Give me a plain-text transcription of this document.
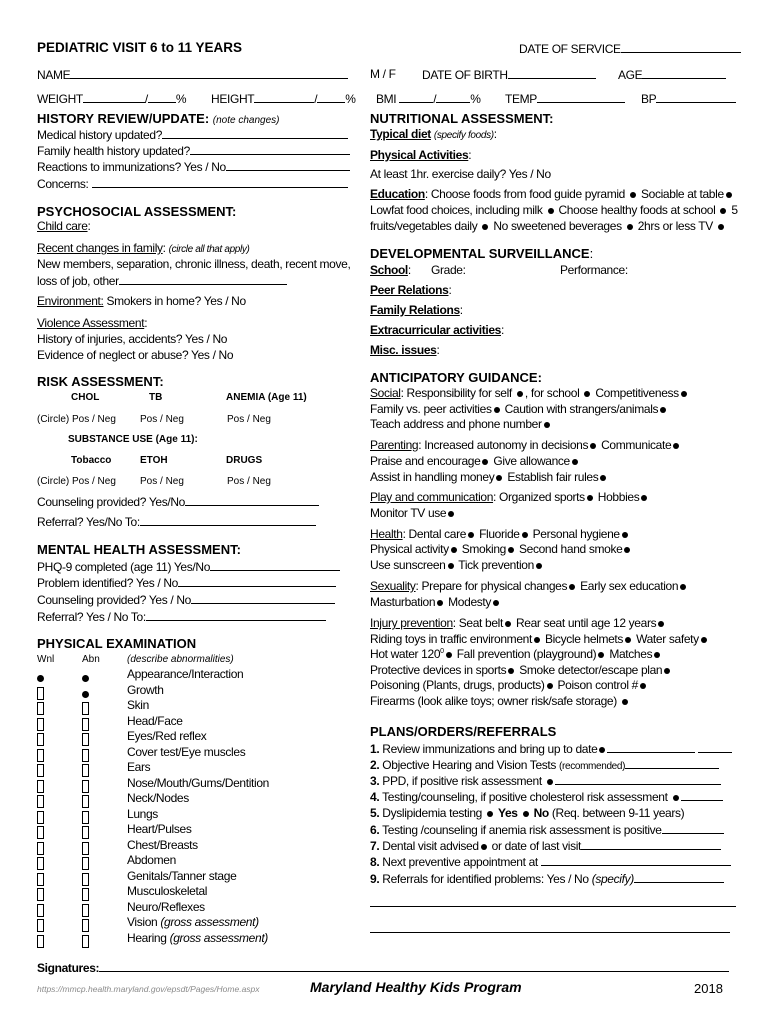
PEDIATRIC VISIT 6 to 11 YEARS	DATE OF SERVICE
NAME	M / F DATE OF BIRTH	AGE
WEIGHT	/ % HEIGHT	/ % BMI	/	% TEMP	BP
HISTORY REVIEW/UPDATE: (note changes)
Medical history updated?
Family health history updated?
Reactions to immunizations? Yes / No
Concerns:
PSYCHOSOCIAL ASSESSMENT:
Child care:
Recent changes in family: (circle all that apply)
New members, separation, chronic illness, death, recent move,
loss of job, other
Environment: Smokers in home? Yes / No
Violence Assessment:
History of injuries, accidents? Yes / No
Evidence of neglect or abuse? Yes / No
RISK ASSESSMENT:
CHOL	TB	ANEMIA (Age 11)
(Circle) Pos / Neg Pos / Neg	Pos / Neg
SUBSTANCE USE (Age 11):
Tobacco	ETOH	DRUGS
(Circle) Pos / Neg Pos / Neg	Pos / Neg
Counseling provided? Yes/No
Referral? Yes/No To:
MENTAL HEALTH ASSESSMENT:
PHQ-9 completed (age 11) Yes/No
Problem identified? Yes / No
Counseling provided? Yes / No
Referral? Yes / No To:
PHYSICAL EXAMINATION
Wnl	Abn	(describe abnormalities)
Appearance/Interaction
Growth
Skin
Head/Face
Eyes/Red reflex
Cover test/Eye muscles
Ears
Nose/Mouth/Gums/Dentition
Neck/Nodes
Lungs
Heart/Pulses
Chest/Breasts
Abdomen
Genitals/Tanner stage
Musculoskeletal
Neuro/Reflexes
Vision (gross assessment)
Hearing (gross assessment)
NUTRITIONAL ASSESSMENT:
Typical diet (specify foods):
Physical Activities:
At least 1hr. exercise daily? Yes / No
Education: Choose foods from food guide pyramid Sociable at table
Lowfat food choices, including milk Choose healthy foods at school 5
fruits/vegetables daily No sweetened beverages 2hrs or less TV
DEVELOPMENTAL SURVEILLANCE:
School: Grade:	Performance:
Peer Relations:
Family Relations:
Extracurricular activities:
Misc. issues:
ANTICIPATORY GUIDANCE:
Social: Responsibility for self , for school Competitiveness
Family vs. peer activities Caution with strangers/animals
Teach address and phone number
Parenting: Increased autonomy in decisions Communicate
Praise and encourage Give allowance
Assist in handling money Establish fair rules
Play and communication: Organized sports Hobbies
Monitor TV use
Health: Dental care Fluoride Personal hygiene
Physical activity Smoking Second hand smoke
Use sunscreen Tick prevention
Sexuality: Prepare for physical changes Early sex education
Masturbation Modesty
Injury prevention: Seat belt Rear seat until age 12 years
Riding toys in traffic environment Bicycle helmets Water safety
Hot water $120^0$ Fall prevention (playground) Matches
Protective devices in sports Smoke detector/escape plan
Poisoning (Plants, drugs, products) Poison control #
Firearms (look alike toys; owner risk/safe storage)
PLANS/ORDERS/REFERRALS
1. Review immunizations and bring up to date
2. Objective Hearing and Vision Tests (recommended)
3. PPD, if positive risk assessment
4. Testing/counseling, if positive cholesterol risk assessment
5. Dyslipidemia testing  Yes No (Req. between 9-11 years)
6. Testing /counseling if anemia risk assessment is positive
7. Dental visit advised or date of last visit
8. Next preventive appointment at
9. Referrals for identified problems: Yes / No (specify)
Signatures:
https://mmcp.health.maryland.gov/epsdt/Pages/Home.aspx	Maryland Healthy Kids Program	2018
